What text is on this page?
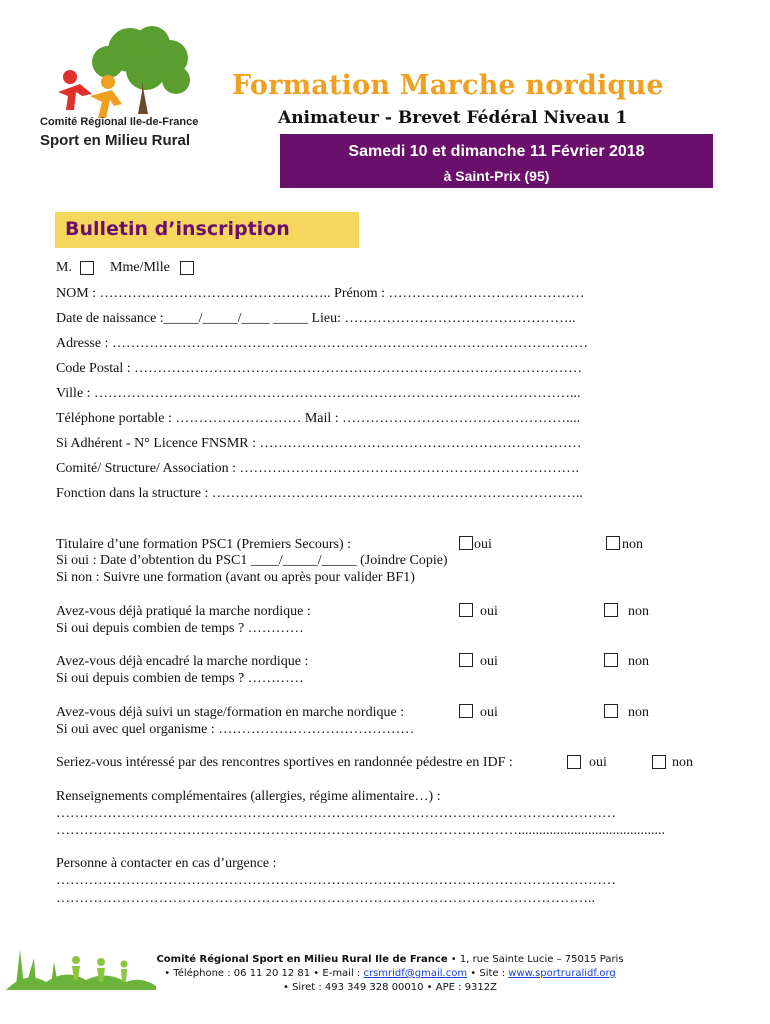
Comité Régional Ile-de-France
Sport en Milieu Rural
Formation Marche nordique
Animateur - Brevet Fédéral Niveau 1
Samedi 10 et dimanche 11 Février 2018
à Saint-Prix (95)
Bulletin d’inscription
M.	Mme/Mlle
NOM : ………………………………………….. Prénom : ……………………………………
Date de naissance :_____/_____/____ _____ Lieu: …………………………………………..
Adresse : …………………………………………………………………………………………
Code Postal : ……………………………………………………………………………………
Ville : …………………………………………………………………………………………...
Téléphone portable : ……………………… Mail : …………………………………………....
Si Adhérent - N° Licence FNSMR : ……………………………………………………………
Comité/ Structure/ Association : ……………………………………………………………….
Fonction dans la structure : ……………………………………………………………………..
Titulaire d’une formation PSC1 (Premiers Secours) :	oui	non
Si oui : Date d’obtention du PSC1 ____/_____/_____ (Joindre Copie)
Si non : Suivre une formation (avant ou après pour valider BF1)
Avez-vous déjà pratiqué la marche nordique :	oui	non
Si oui depuis combien de temps ? …………
Avez-vous déjà encadré la marche nordique :	oui	non
Si oui depuis combien de temps ? …………
Avez-vous déjà suivi un stage/formation en marche nordique :	oui	non
Si oui avec quel organisme : ……………………………………
Seriez-vous intéressé par des rencontres sportives en randonnée pédestre en IDF :	oui	non
Renseignements complémentaires (allergies, régime alimentaire…) :
…………………………………………………………………………………………………………
………………………………………………………………………………………..........................................
Personne à contacter en cas d’urgence :
…………………………………………………………………………………………………………
……………………………………………………………………………………………………..
Comité Régional Sport en Milieu Rural Ile de France • 1, rue Sainte Lucie – 75015 Paris
• Téléphone : 06 11 20 12 81 • E-mail : crsmridf@gmail.com • Site : www.sportruralidf.org
• Siret : 493 349 328 00010 • APE : 9312Z
